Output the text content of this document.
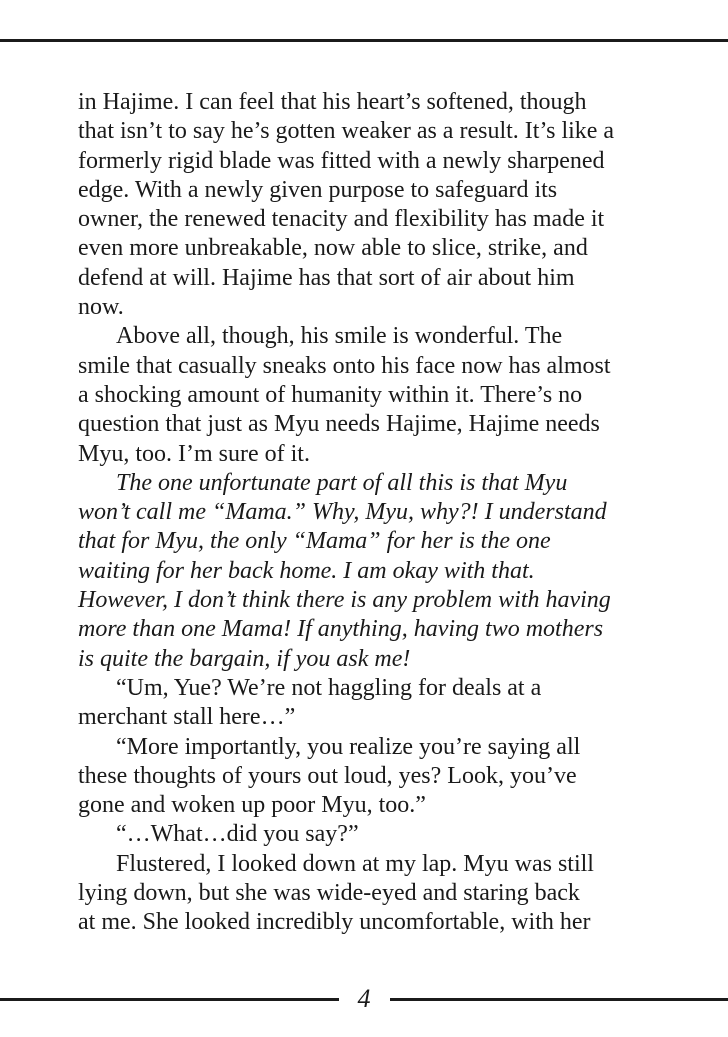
in Hajime. I can feel that his heart’s softened, though
that isn’t to say he’s gotten weaker as a result. It’s like a
formerly rigid blade was fitted with a newly sharpened
edge. With a newly given purpose to safeguard its
owner, the renewed tenacity and flexibility has made it
even more unbreakable, now able to slice, strike, and
defend at will. Hajime has that sort of air about him
now.

Above all, though, his smile is wonderful. The
smile that casually sneaks onto his face now has almost
a shocking amount of humanity within it. There’s no
question that just as Myu needs Hajime, Hajime needs
Myu, too. I’m sure of it.

The one unfortunate part of all this is that Myu
won’t call me “Mama.” Why, Myu, why?! I understand
that for Myu, the only “Mama” for her is the one
waiting for her back home. I am okay with that.
However, I don’t think there is any problem with having
more than one Mama! If anything, having two mothers
is quite the bargain, if you ask me!

“Um, Yue? We’re not haggling for deals at a
merchant stall here…”

“More importantly, you realize you’re saying all
these thoughts of yours out loud, yes? Look, you’ve
gone and woken up poor Myu, too.”

“…What…did you say?”

Flustered, I looked down at my lap. Myu was still
lying down, but she was wide-eyed and staring back
at me. She looked incredibly uncomfortable, with her

4
